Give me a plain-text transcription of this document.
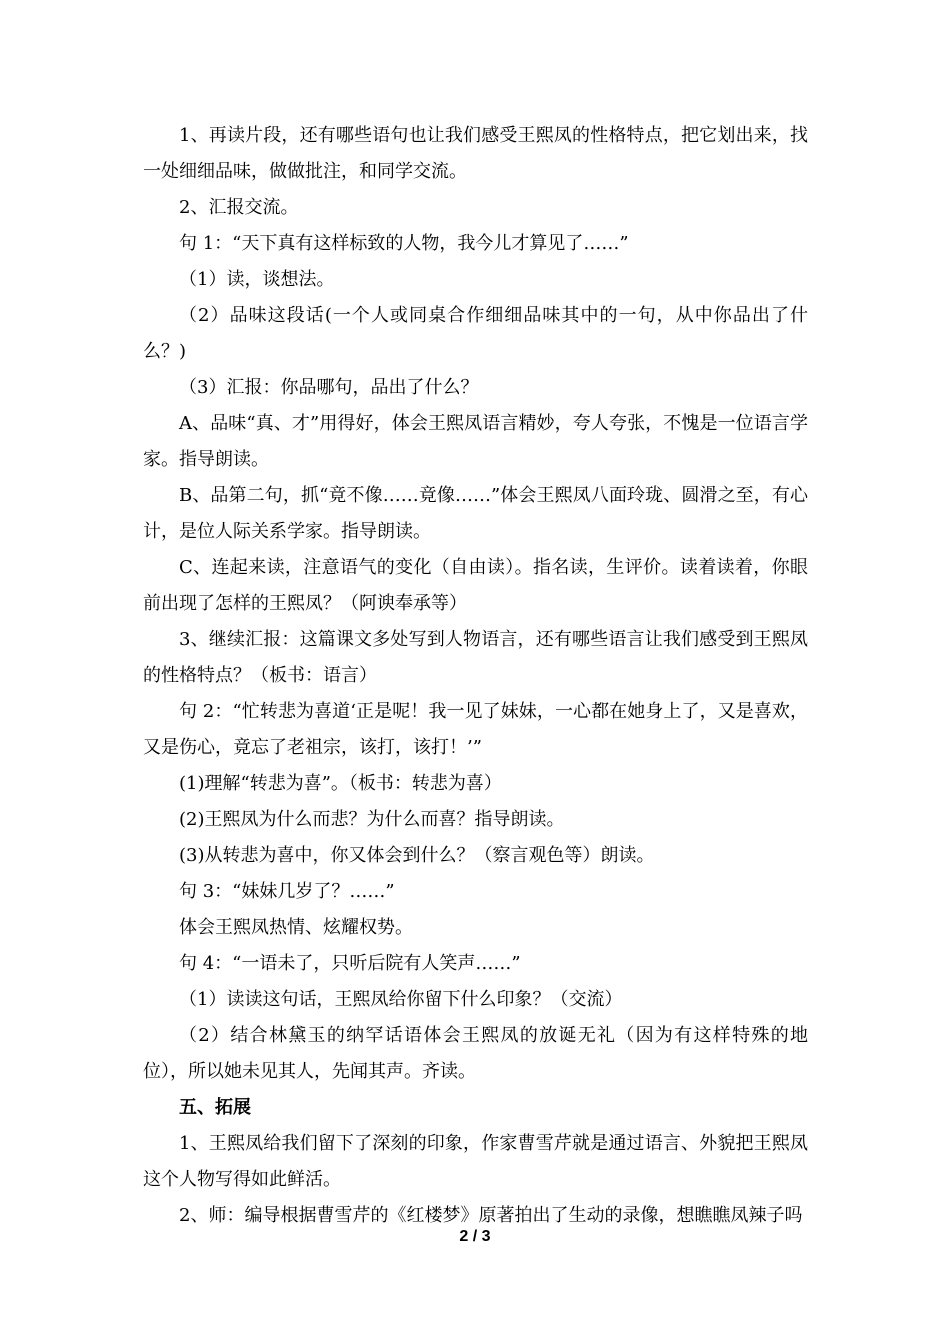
1、再读片段，还有哪些语句也让我们感受王熙凤的性格特点，把它划出来，找一处细细品味，做做批注，和同学交流。

2、汇报交流。

句 1：“天下真有这样标致的人物，我今儿才算见了……”

（1）读，谈想法。

（2）品味这段话(一个人或同桌合作细细品味其中的一句，从中你品出了什么？)

（3）汇报：你品哪句，品出了什么？

A、品味“真、才”用得好，体会王熙凤语言精妙，夸人夸张，不愧是一位语言学家。指导朗读。

B、品第二句，抓“竟不像……竟像……”体会王熙凤八面玲珑、圆滑之至，有心计，是位人际关系学家。指导朗读。

C、连起来读，注意语气的变化（自由读）。指名读，生评价。读着读着，你眼前出现了怎样的王熙凤？（阿谀奉承等）

3、继续汇报：这篇课文多处写到人物语言，还有哪些语言让我们感受到王熙凤的性格特点？（板书：语言）

句 2：“忙转悲为喜道‘正是呢！我一见了妹妹，一心都在她身上了，又是喜欢， 又是伤心，竟忘了老祖宗，该打，该打！’”

(1)理解“转悲为喜”。（板书：转悲为喜）

(2)王熙凤为什么而悲？为什么而喜？指导朗读。

(3)从转悲为喜中，你又体会到什么？（察言观色等）朗读。

句 3：“妹妹几岁了？……”

体会王熙凤热情、炫耀权势。

句 4：“一语未了，只听后院有人笑声……”

（1）读读这句话，王熙凤给你留下什么印象？（交流）

（2）结合林黛玉的纳罕话语体会王熙凤的放诞无礼（因为有这样特殊的地位），所以她未见其人，先闻其声。齐读。

五、拓展

1、王熙凤给我们留下了深刻的印象，作家曹雪芹就是通过语言、外貌把王熙凤这个人物写得如此鲜活。

2、师：编导根据曹雪芹的《红楼梦》原著拍出了生动的录像，想瞧瞧凤辣子吗

2 / 3
